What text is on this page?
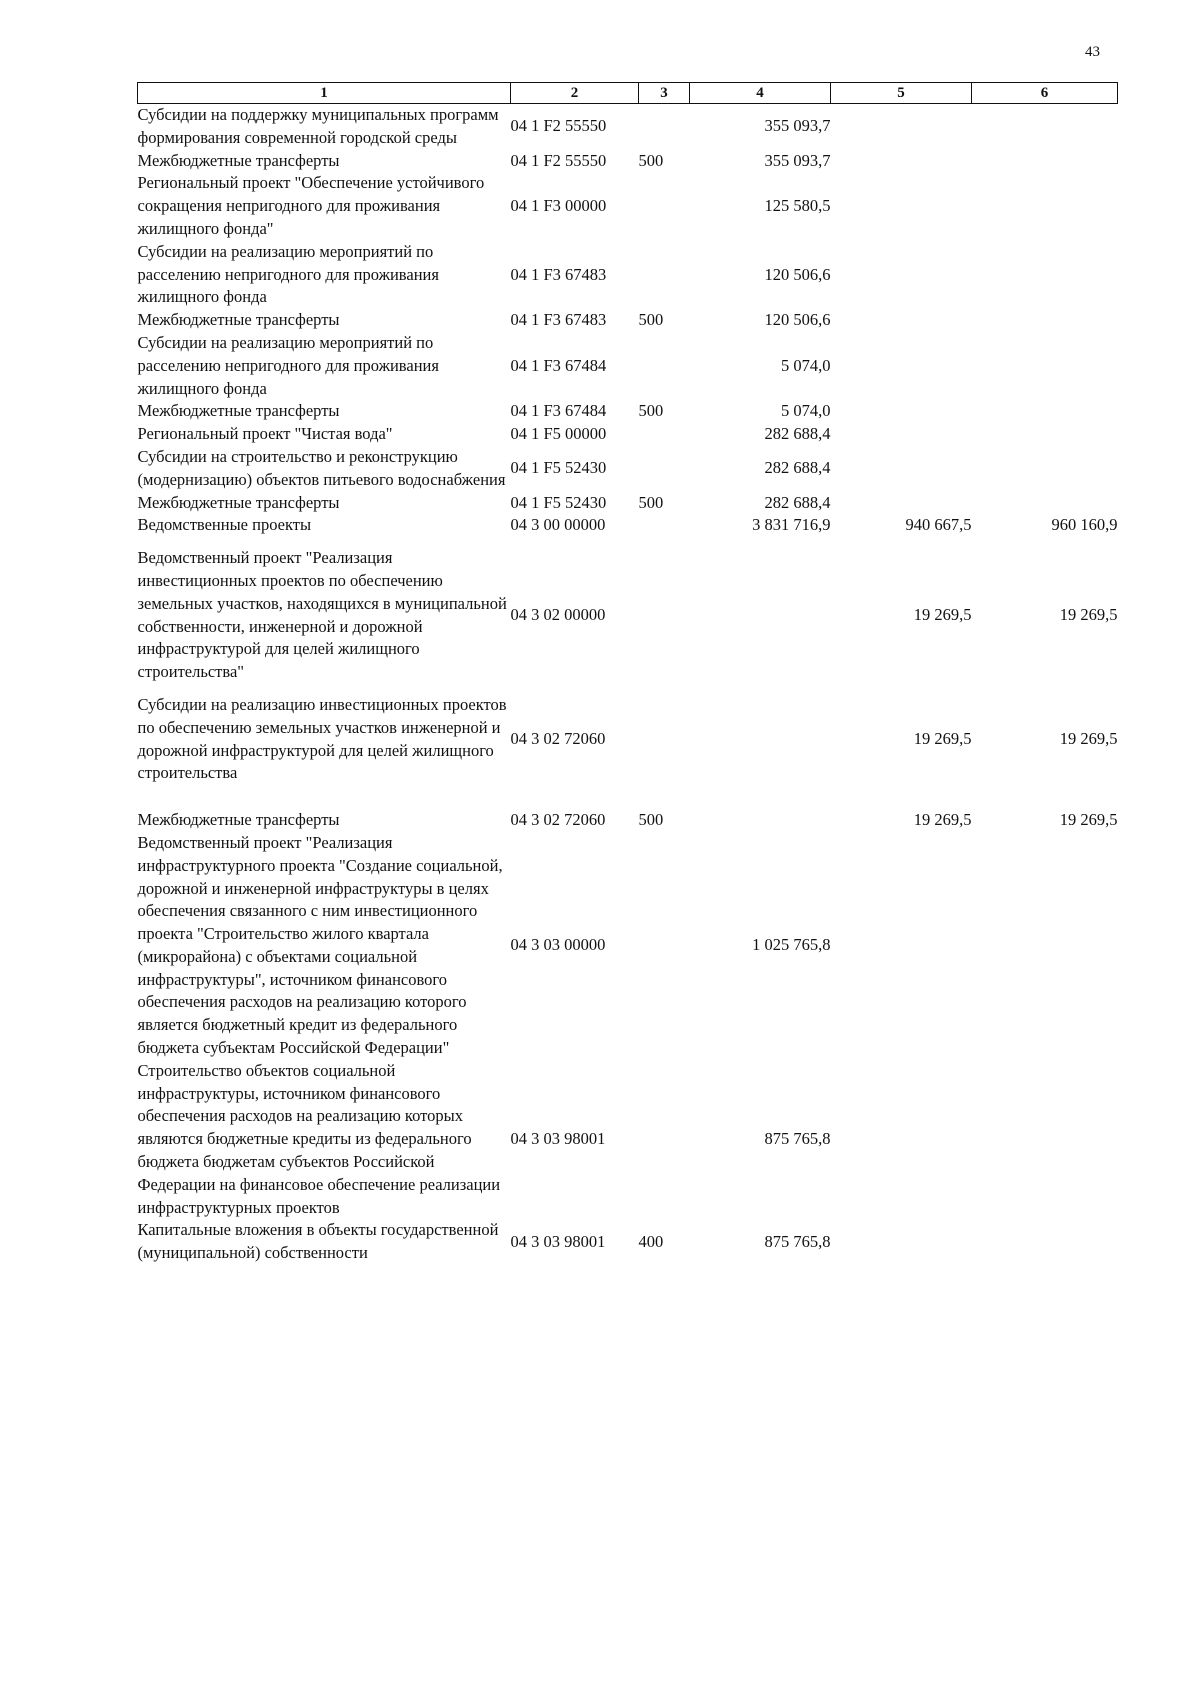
43
1	2	3	4	5	6
Субсидии на поддержку муниципальных программ формирования современной городской среды	04 1 F2 55550		355 093,7		
Межбюджетные трансферты	04 1 F2 55550	500	355 093,7		
Региональный проект "Обеспечение устойчивого сокращения непригодного для проживания жилищного фонда"	04 1 F3 00000		125 580,5		
Субсидии на реализацию мероприятий по расселению непригодного для проживания жилищного фонда	04 1 F3 67483		120 506,6		
Межбюджетные трансферты	04 1 F3 67483	500	120 506,6		
Субсидии на реализацию мероприятий по расселению непригодного для проживания жилищного фонда	04 1 F3 67484		5 074,0		
Межбюджетные трансферты	04 1 F3 67484	500	5 074,0		
Региональный проект "Чистая вода"	04 1 F5 00000		282 688,4		
Субсидии на строительство и реконструкцию (модернизацию) объектов питьевого водоснабжения	04 1 F5 52430		282 688,4		
Межбюджетные трансферты	04 1 F5 52430	500	282 688,4		
Ведомственные проекты	04 3 00 00000		3 831 716,9	940 667,5	960 160,9
Ведомственный проект "Реализация инвестиционных проектов по обеспечению земельных участков, находящихся в муниципальной собственности, инженерной и дорожной инфраструктурой для целей жилищного строительства"	04 3 02 00000			19 269,5	19 269,5
Субсидии на реализацию инвестиционных проектов по обеспечению земельных участков инженерной и дорожной инфраструктурой для целей жилищного строительства	04 3 02 72060			19 269,5	19 269,5
Межбюджетные трансферты	04 3 02 72060	500		19 269,5	19 269,5
Ведомственный проект "Реализация инфраструктурного проекта "Создание социальной, дорожной и инженерной инфраструктуры в целях обеспечения связанного с ним инвестиционного проекта "Строительство жилого квартала (микрорайона) с объектами социальной инфраструктуры", источником финансового обеспечения расходов на реализацию которого является бюджетный кредит из федерального бюджета субъектам Российской Федерации"	04 3 03 00000		1 025 765,8		
Строительство объектов социальной инфраструктуры, источником финансового обеспечения расходов на реализацию которых являются бюджетные кредиты из федерального бюджета бюджетам субъектов Российской Федерации на финансовое обеспечение реализации инфраструктурных проектов	04 3 03 98001		875 765,8		
Капитальные вложения в объекты государственной (муниципальной) собственности	04 3 03 98001	400	875 765,8		
